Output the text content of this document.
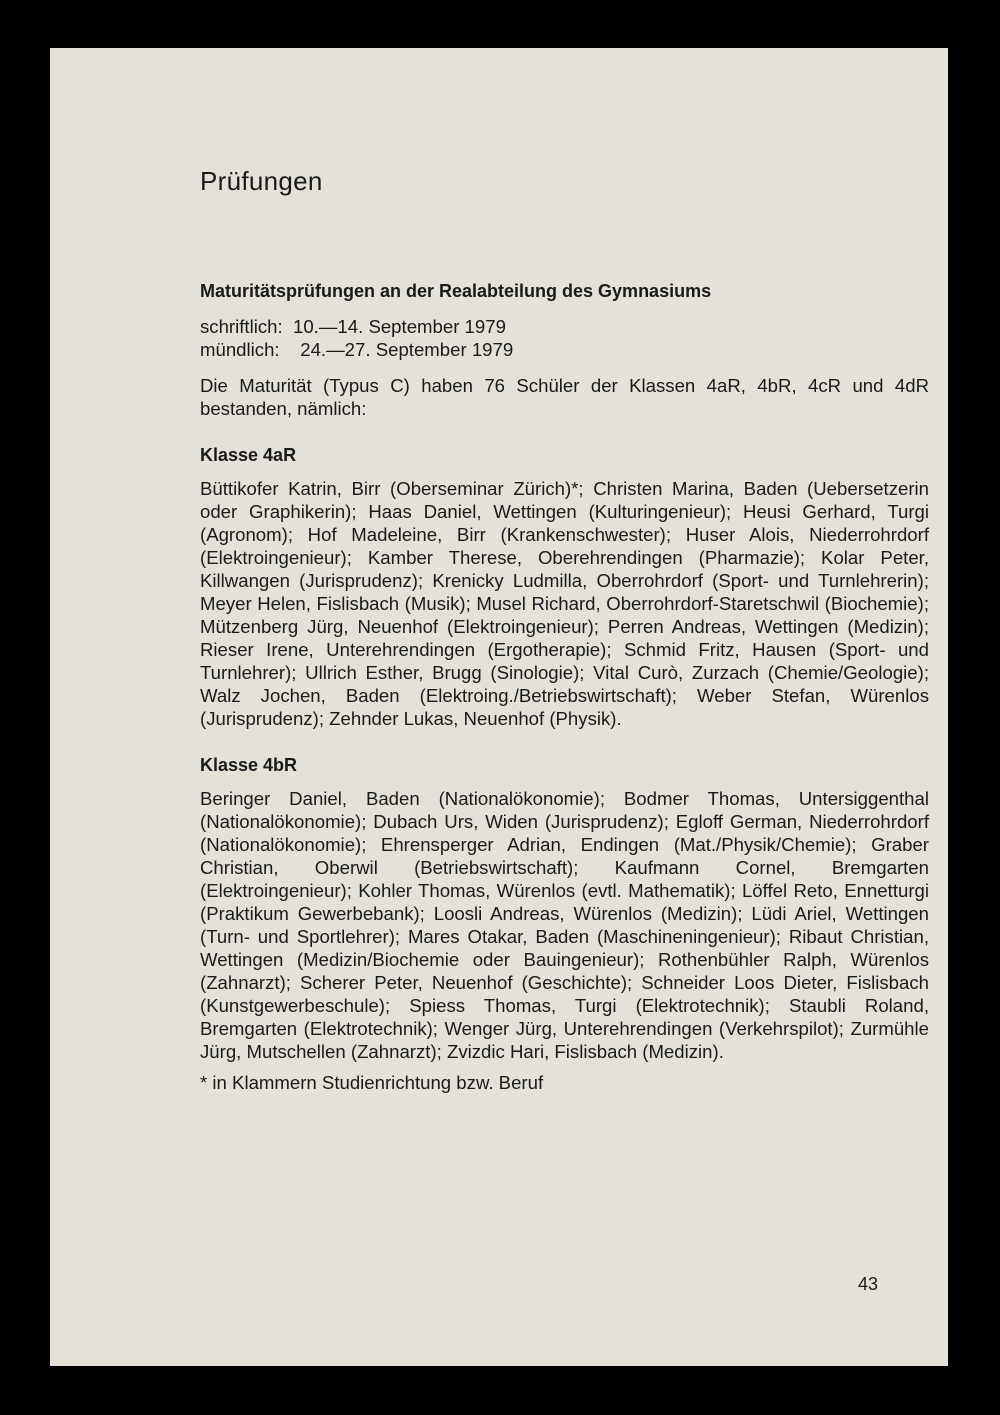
Prüfungen
Maturitätsprüfungen an der Realabteilung des Gymnasiums
schriftlich:  10.—14. September 1979
mündlich:    24.—27. September 1979

Die Maturität (Typus C) haben 76 Schüler der Klassen 4aR, 4bR, 4cR und 4dR bestanden, nämlich:

Klasse 4aR

Büttikofer Katrin, Birr (Oberseminar Zürich)*; Christen Marina, Baden (Uebersetzerin oder Graphikerin); Haas Daniel, Wettingen (Kulturingenieur); Heusi Gerhard, Turgi (Agronom); Hof Madeleine, Birr (Krankenschwester); Huser Alois, Niederrohrdorf (Elektroingenieur); Kamber Therese, Oberehrendingen (Pharmazie); Kolar Peter, Killwangen (Jurisprudenz); Krenicky Ludmilla, Oberrohrdorf (Sport- und Turnlehrerin); Meyer Helen, Fislisbach (Musik); Musel Richard, Oberrohrdorf-Staretschwil (Biochemie); Mützenberg Jürg, Neuenhof (Elektroingenieur); Perren Andreas, Wettingen (Medizin); Rieser Irene, Unterehrendingen (Ergotherapie); Schmid Fritz, Hausen (Sport- und Turnlehrer); Ullrich Esther, Brugg (Sinologie); Vital Curò, Zurzach (Chemie/Geologie); Walz Jochen, Baden (Elektroing./Betriebswirtschaft); Weber Stefan, Würenlos (Jurisprudenz); Zehnder Lukas, Neuenhof (Physik).

Klasse 4bR

Beringer Daniel, Baden (Nationalökonomie); Bodmer Thomas, Untersiggenthal (Nationalökonomie); Dubach Urs, Widen (Jurisprudenz); Egloff German, Niederrohrdorf (Nationalökonomie); Ehrensperger Adrian, Endingen (Mat./Physik/Chemie); Graber Christian, Oberwil (Betriebswirtschaft); Kaufmann Cornel, Bremgarten (Elektroingenieur); Kohler Thomas, Würenlos (evtl. Mathematik); Löffel Reto, Ennetturgi (Praktikum Gewerbebank); Loosli Andreas, Würenlos (Medizin); Lüdi Ariel, Wettingen (Turn- und Sportlehrer); Mares Otakar, Baden (Maschineningenieur); Ribaut Christian, Wettingen (Medizin/Biochemie oder Bauingenieur); Rothenbühler Ralph, Würenlos (Zahnarzt); Scherer Peter, Neuenhof (Geschichte); Schneider Loos Dieter, Fislisbach (Kunstgewerbeschule); Spiess Thomas, Turgi (Elektrotechnik); Staubli Roland, Bremgarten (Elektrotechnik); Wenger Jürg, Unterehrendingen (Verkehrspilot); Zurmühle Jürg, Mutschellen (Zahnarzt); Zvizdic Hari, Fislisbach (Medizin).

* in Klammern Studienrichtung bzw. Beruf

43
